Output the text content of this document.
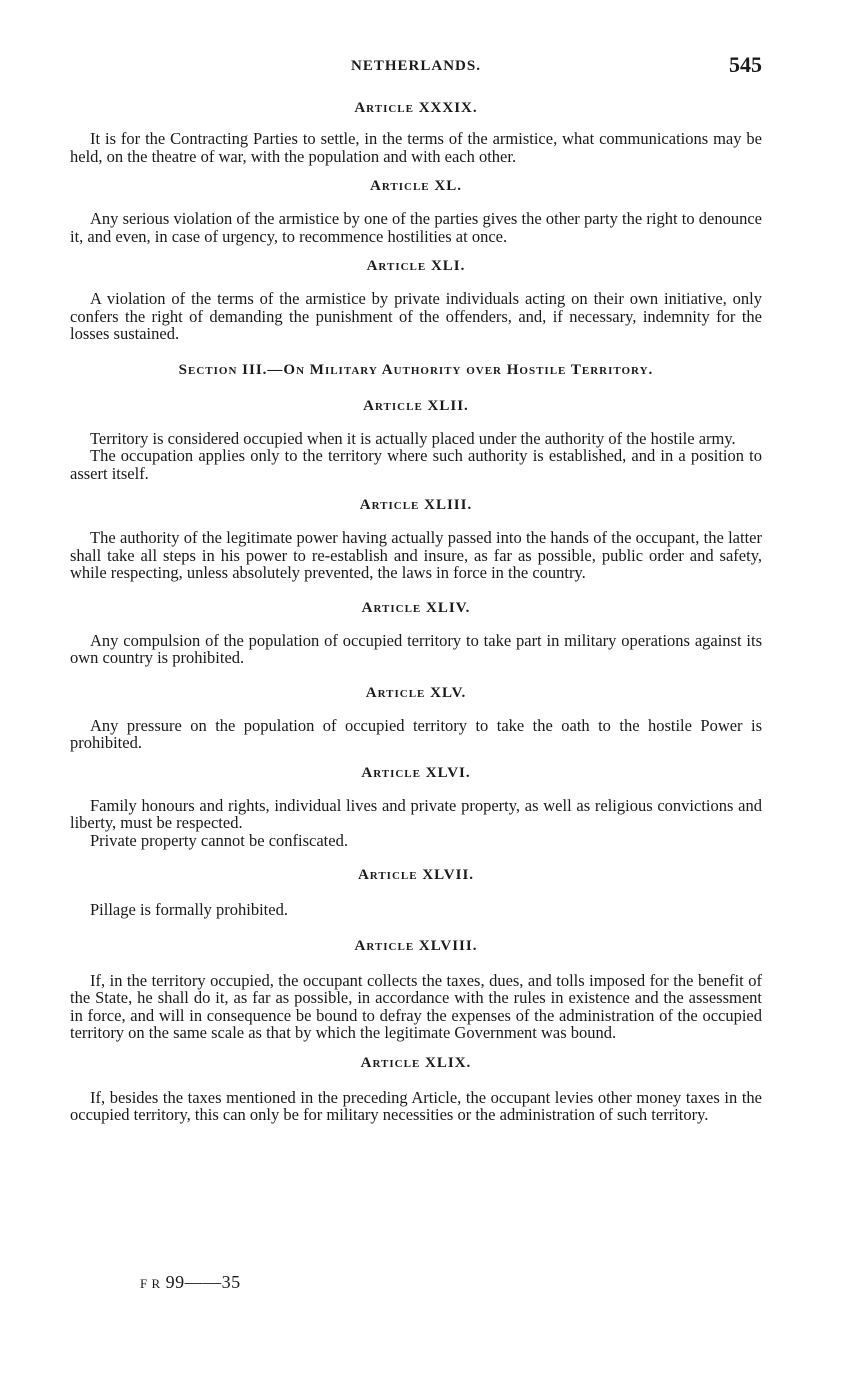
NETHERLANDS.	545
Article XXXIX.

It is for the Contracting Parties to settle, in the terms of the armistice, what communications may be held, on the theatre of war, with the population and with each other.

Article XL.

Any serious violation of the armistice by one of the parties gives the other party the right to denounce it, and even, in case of urgency, to recommence hostilities at once.

Article XLI.

A violation of the terms of the armistice by private individuals acting on their own initiative, only confers the right of demanding the punishment of the offenders, and, if necessary, indemnity for the losses sustained.

Section III.—On Military Authority over Hostile Territory.
Article XLII.

Territory is considered occupied when it is actually placed under the authority of the hostile army.

The occupation applies only to the territory where such authority is established, and in a position to assert itself.

Article XLIII.

The authority of the legitimate power having actually passed into the hands of the occupant, the latter shall take all steps in his power to re-establish and insure, as far as possible, public order and safety, while respecting, unless absolutely prevented, the laws in force in the country.

Article XLIV.

Any compulsion of the population of occupied territory to take part in military operations against its own country is prohibited.

Article XLV.

Any pressure on the population of occupied territory to take the oath to the hostile Power is prohibited.

Article XLVI.

Family honours and rights, individual lives and private property, as well as religious convictions and liberty, must be respected.

Private property cannot be confiscated.

Article XLVII.

Pillage is formally prohibited.

Article XLVIII.

If, in the territory occupied, the occupant collects the taxes, dues, and tolls imposed for the benefit of the State, he shall do it, as far as possible, in accordance with the rules in existence and the assessment in force, and will in consequence be bound to defray the expenses of the administration of the occupied territory on the same scale as that by which the legitimate Government was bound.

Article XLIX.

If, besides the taxes mentioned in the preceding Article, the occupant levies other money taxes in the occupied territory, this can only be for military necessities or the administration of such territory.

F R 99——35
